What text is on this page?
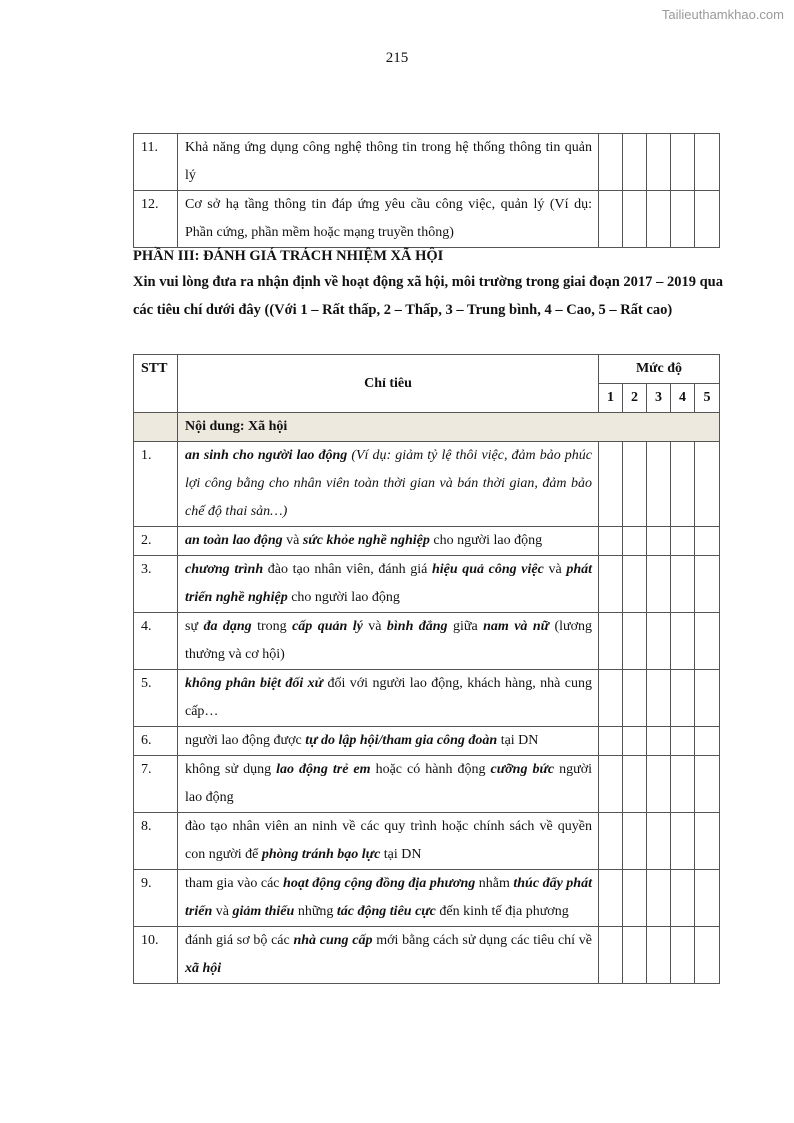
Tailieuthamkhao.com
215
11.	Khả năng ứng dụng công nghệ thông tin trong hệ thống thông tin quản lý					
12.	Cơ sở hạ tầng thông tin đáp ứng yêu cầu công việc, quản lý (Ví dụ: Phần cứng, phần mềm hoặc mạng truyền thông)					
PHẦN III: ĐÁNH GIÁ TRÁCH NHIỆM XÃ HỘI
Xin vui lòng đưa ra nhận định về hoạt động xã hội, môi trường trong giai đoạn 2017 – 2019 qua các tiêu chí dưới đây ((Với 1 – Rất thấp, 2 – Thấp, 3 – Trung bình, 4 – Cao, 5 – Rất cao)
STT	Chỉ tiêu	Mức độ				
		1	2	3	4	5
	Nội dung: Xã hội					
1.	an sinh cho người lao động (Ví dụ: giảm tỷ lệ thôi việc, đảm bảo phúc lợi công bằng cho nhân viên toàn thời gian và bán thời gian, đảm bảo chế độ thai sản…)					
2.	an toàn lao động và sức khỏe nghề nghiệp cho người lao động					
3.	chương trình đào tạo nhân viên, đánh giá hiệu quả công việc và phát triển nghề nghiệp cho người lao động					
4.	sự đa dạng trong cấp quản lý và bình đẳng giữa nam và nữ (lương thưởng và cơ hội)					
5.	không phân biệt đối xử đối với người lao động, khách hàng, nhà cung cấp…					
6.	người lao động được tự do lập hội/tham gia công đoàn tại DN					
7.	không sử dụng lao động trẻ em hoặc có hành động cưỡng bức người lao động					
8.	đào tạo nhân viên an ninh về các quy trình hoặc chính sách về quyền con người để phòng tránh bạo lực tại DN					
9.	tham gia vào các hoạt động cộng đồng địa phương nhằm thúc đẩy phát triển và giảm thiểu những tác động tiêu cực đến kinh tế địa phương					
10.	đánh giá sơ bộ các nhà cung cấp mới bằng cách sử dụng các tiêu chí về xã hội					
